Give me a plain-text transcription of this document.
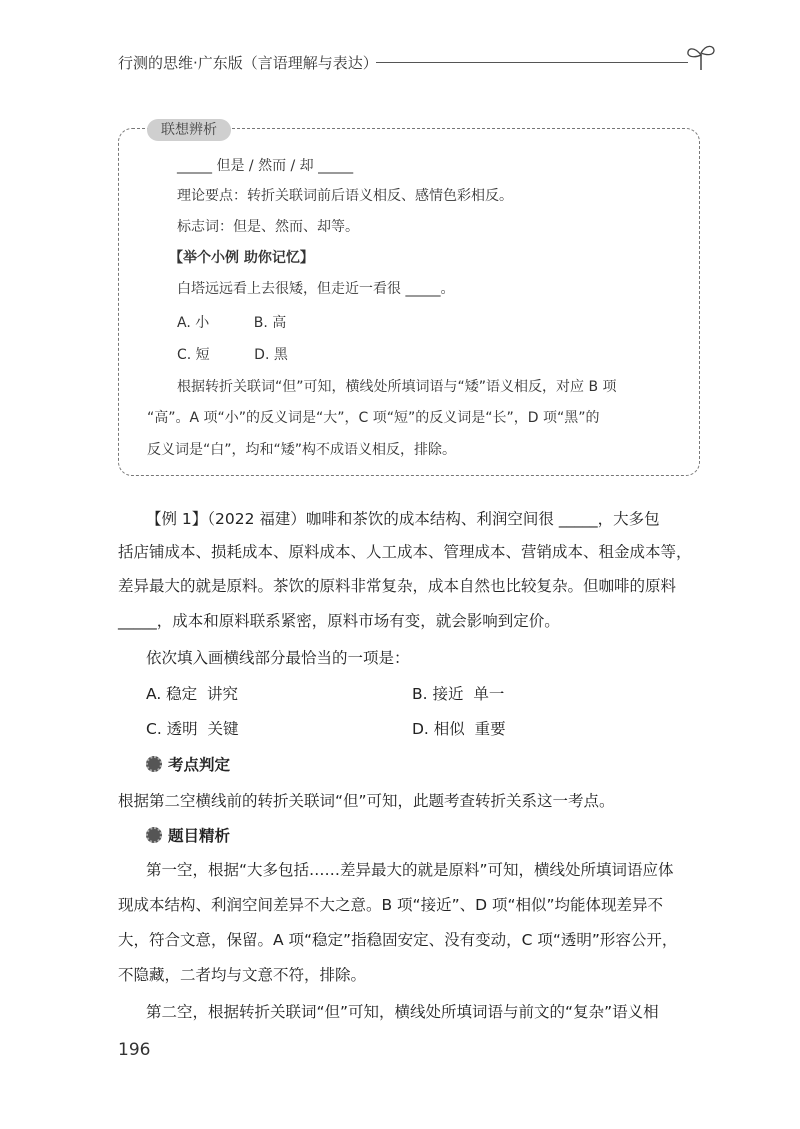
行测的思维·广东版（言语理解与表达）
联想辨析
_____ 但是 / 然而 / 却 _____
理论要点：转折关联词前后语义相反、感情色彩相反。
标志词：但是、然而、却等。
【举个小例 助你记忆】
白塔远远看上去很矮，但走近一看很 _____。
A. 小          B. 高
C. 短          D. 黑
根据转折关联词“但”可知，横线处所填词语与“矮”语义相反，对应 B 项
“高”。A 项“小”的反义词是“大”，C 项“短”的反义词是“长”，D 项“黑”的
反义词是“白”，均和“矮”构不成语义相反，排除。
【例 1】（2022 福建）咖啡和茶饮的成本结构、利润空间很 _____，大多包
括店铺成本、损耗成本、原料成本、人工成本、管理成本、营销成本、租金成本等，
差异最大的就是原料。茶饮的原料非常复杂，成本自然也比较复杂。但咖啡的原料
_____，成本和原料联系紧密，原料市场有变，就会影响到定价。
依次填入画横线部分最恰当的一项是：
A. 稳定  讲究	B. 接近  单一
C. 透明  关键	D. 相似  重要
考点判定
根据第二空横线前的转折关联词“但”可知，此题考查转折关系这一考点。
题目精析
第一空，根据“大多包括……差异最大的就是原料”可知，横线处所填词语应体
现成本结构、利润空间差异不大之意。B 项“接近”、D 项“相似”均能体现差异不
大，符合文意，保留。A 项“稳定”指稳固安定、没有变动，C 项“透明”形容公开，
不隐藏，二者均与文意不符，排除。
第二空，根据转折关联词“但”可知，横线处所填词语与前文的“复杂”语义相
196
